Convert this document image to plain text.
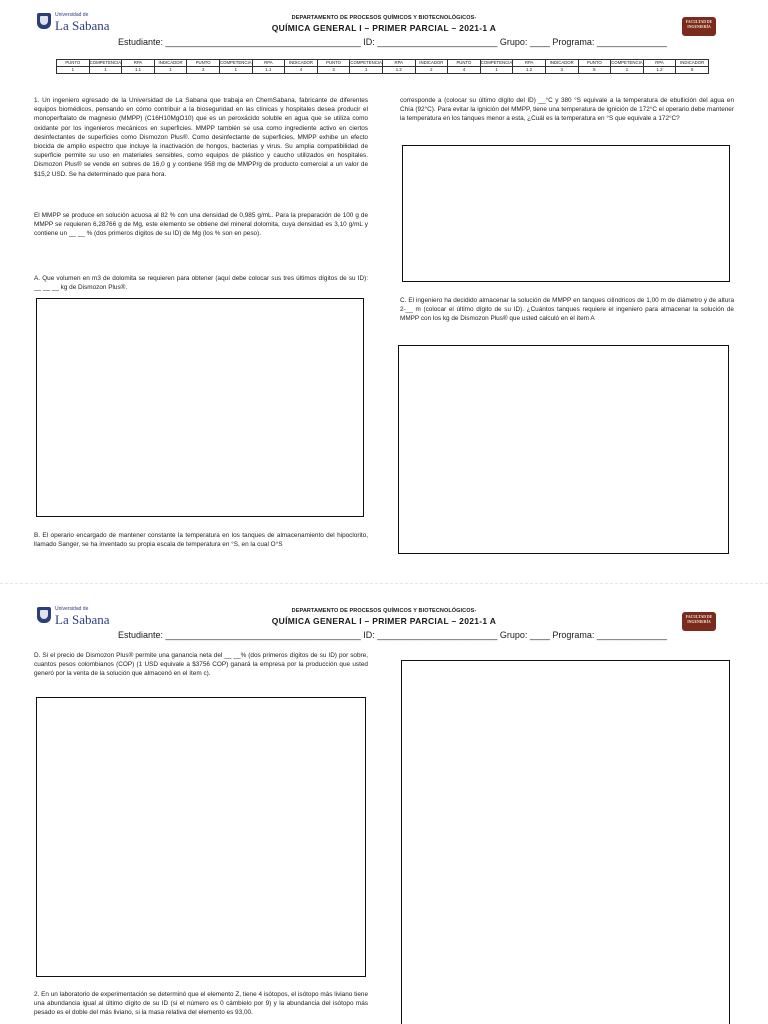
Universidad de
La Sabana	DEPARTAMENTO DE PROCESOS QUÍMICOS Y BIOTECNOLÓGICOS-
QUÍMICA GENERAL I – PRIMER PARCIAL – 2021-1 A
FACULTAD DE
INGENIERÍA
Estudiante: _______________________________________ ID: ________________________ Grupo: ____ Programa: ______________
PUNTO	COMPETENCIA	RPA	INDICADOR	PUNTO	COMPETENCIA	RPA	INDICADOR	PUNTO	COMPETENCIA	RPA	INDICADOR	PUNTO	COMPETENCIA	RPA	INDICADOR	PUNTO	COMPETENCIA	RPA	INDICADOR
1	1	1.1	1	2	1	1.1	4	3	1	1.2	2	4	1	1.2	3	5	1	1.2	5
1. Un ingeniero egresado de la Universidad de La Sabana que trabaja en ChemSabana, fabricante de diferentes equipos biomédicos, pensando en cómo contribuir a la bioseguridad en las clínicas y hospitales desea producir el monoperftalato de magnesio (MMPP) (C16H10MgO10) que es un peroxácido soluble en agua que se utiliza como oxidante por los ingenieros mecánicos en superficies. MMPP también se usa como ingrediente activo en ciertos desinfectantes de superficies como Dismozon Plus®. Como desinfectante de superficies, MMPP exhibe un efecto biocida de amplio espectro que incluye la inactivación de hongos, bacterias y virus. Su amplia compatibilidad de superficie permite su uso en materiales sensibles, como equipos de plástico y caucho utilizados en hospitales. Dismozon Plus® se vende en sobres de 16,0 g y contiene 958 mg de MMPP/g de producto comercial a un valor de $15,2 USD. Se ha determinado que para hora.
El MMPP se produce en solución acuosa al 82 % con una densidad de 0,985 g/mL. Para la preparación de 100 g de MMPP se requieren 6,28766 g de Mg, este elemento se obtiene del mineral dolomita, cuya densidad es 3,10 g/mL y contiene un __ __ % (dos primeros dígitos de su ID) de Mg (los % son en peso).
A. Que volumen en m3 de dolomita se requieren para obtener (aquí debe colocar sus tres últimos dígitos de su ID): __ __ __ kg de Dismozon Plus®.
B. El operario encargado de mantener constante la temperatura en los tanques de almacenamiento del hipoclorito, llamado Sanger, se ha inventado su propia escala de temperatura en °S, en la cual O°S
corresponde a (colocar su último dígito del ID) __°C y 380 °S equivale a la temperatura de ebullición del agua en Chía (92°C). Para evitar la ignición del MMPP, tiene una temperatura de ignición de 172°C el operario debe mantener la temperatura en los tanques menor a esta, ¿Cuál es la temperatura en °S que equivale a 172°C?
C. El ingeniero ha decidido almacenar la solución de MMPP en tanques cilíndricos de 1,00 m de diámetro y de altura 2-__ m (colocar el último dígito de su ID). ¿Cuántos tanques requiere el ingeniero para almacenar la solución de MMPP con los kg de Dismozon Plus® que usted calculó en el ítem A
Universidad de
La Sabana
DEPARTAMENTO DE PROCESOS QUÍMICOS Y BIOTECNOLÓGICOS-
QUÍMICA GENERAL I – PRIMER PARCIAL – 2021-1 A	FACULTAD DE
INGENIERÍA
Estudiante: _______________________________________ ID: ________________________ Grupo: ____ Programa: ______________
D. Si el precio de Dismozon Plus® permite una ganancia neta del __ __% (dos primeros dígitos de su ID) por sobre, cuantos pesos colombianos (COP) (1 USD equivale a $3756 COP) ganará la empresa por la producción que usted generó por la venta de la solución que almacenó en el ítem c).
2. En un laboratorio de experimentación se determinó que el elemento Z, tiene 4 isótopos, el isótopo más liviano tiene una abundancia igual al último dígito de su ID (si el número es 0 cámbielo por 9) y la abundancia del isótopo más pesado es el doble del más liviano, si la masa relativa del elemento es 93,00.
